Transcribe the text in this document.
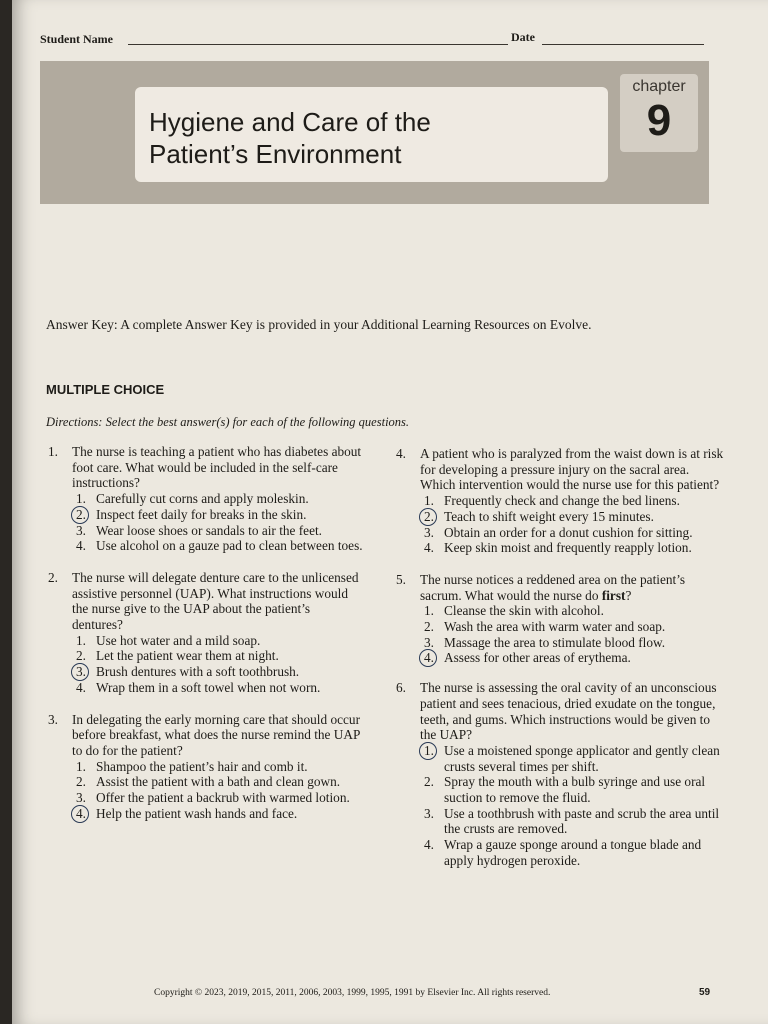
Student Name	Date
Hygiene and Care of the
Patient’s Environment
chapter
9
Answer Key: A complete Answer Key is provided in your Additional Learning Resources on Evolve.
MULTIPLE CHOICE
Directions: Select the best answer(s) for each of the following questions.
1. The nurse is teaching a patient who has diabetes about foot care. What would be included in the self-care instructions?
1. Carefully cut corns and apply moleskin.
2. Inspect feet daily for breaks in the skin.
3. Wear loose shoes or sandals to air the feet.
4. Use alcohol on a gauze pad to clean between toes.
2. The nurse will delegate denture care to the unlicensed assistive personnel (UAP). What instructions would the nurse give to the UAP about the patient’s dentures?
1. Use hot water and a mild soap.
2. Let the patient wear them at night.
3. Brush dentures with a soft toothbrush.
4. Wrap them in a soft towel when not worn.
3. In delegating the early morning care that should occur before breakfast, what does the nurse remind the UAP to do for the patient?
1. Shampoo the patient’s hair and comb it.
2. Assist the patient with a bath and clean gown.
3. Offer the patient a backrub with warmed lotion.
4. Help the patient wash hands and face.
4. A patient who is paralyzed from the waist down is at risk for developing a pressure injury on the sacral area. Which intervention would the nurse use for this patient?
1. Frequently check and change the bed linens.
2. Teach to shift weight every 15 minutes.
3. Obtain an order for a donut cushion for sitting.
4. Keep skin moist and frequently reapply lotion.
5. The nurse notices a reddened area on the patient’s sacrum. What would the nurse do first?
1. Cleanse the skin with alcohol.
2. Wash the area with warm water and soap.
3. Massage the area to stimulate blood flow.
4. Assess for other areas of erythema.
6. The nurse is assessing the oral cavity of an unconscious patient and sees tenacious, dried exudate on the tongue, teeth, and gums. Which instructions would be given to the UAP?
1. Use a moistened sponge applicator and gently clean crusts several times per shift.
2. Spray the mouth with a bulb syringe and use oral suction to remove the fluid.
3. Use a toothbrush with paste and scrub the area until the crusts are removed.
4. Wrap a gauze sponge around a tongue blade and apply hydrogen peroxide.
Copyright © 2023, 2019, 2015, 2011, 2006, 2003, 1999, 1995, 1991 by Elsevier Inc. All rights reserved.	59
